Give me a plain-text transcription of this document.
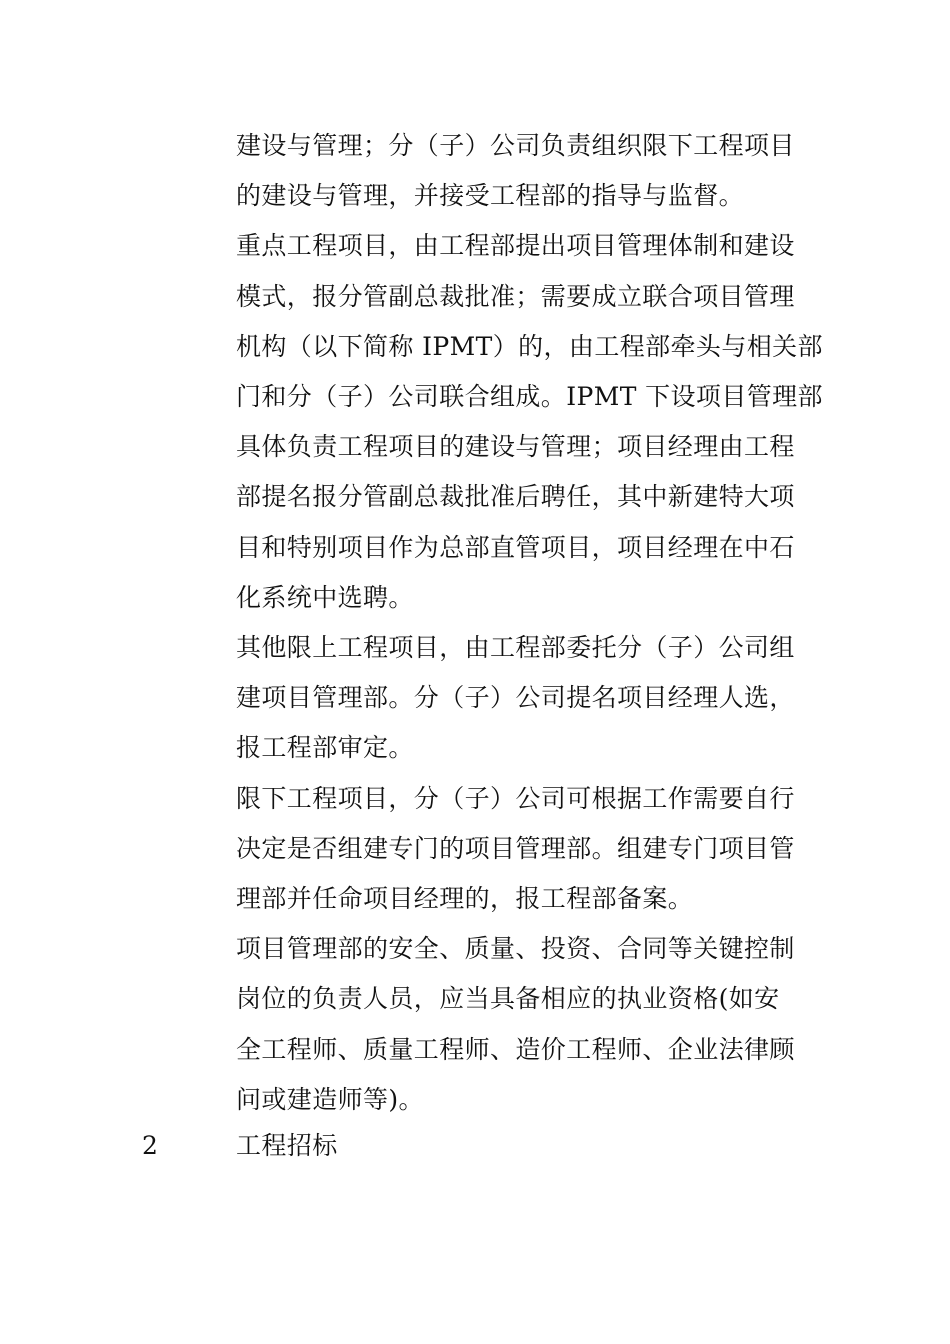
建设与管理；分（子）公司负责组织限下工程项目
的建设与管理，并接受工程部的指导与监督。

重点工程项目，由工程部提出项目管理体制和建设
模式，报分管副总裁批准；需要成立联合项目管理
机构（以下简称 IPMT）的，由工程部牵头与相关部
门和分（子）公司联合组成。IPMT 下设项目管理部
具体负责工程项目的建设与管理；项目经理由工程
部提名报分管副总裁批准后聘任，其中新建特大项
目和特别项目作为总部直管项目，项目经理在中石
化系统中选聘。

其他限上工程项目，由工程部委托分（子）公司组
建项目管理部。分（子）公司提名项目经理人选，
报工程部审定。

限下工程项目，分（子）公司可根据工作需要自行
决定是否组建专门的项目管理部。组建专门项目管
理部并任命项目经理的，报工程部备案。

项目管理部的安全、质量、投资、合同等关键控制
岗位的负责人员，应当具备相应的执业资格(如安
全工程师、质量工程师、造价工程师、企业法律顾
问或建造师等)。

2	工程招标
